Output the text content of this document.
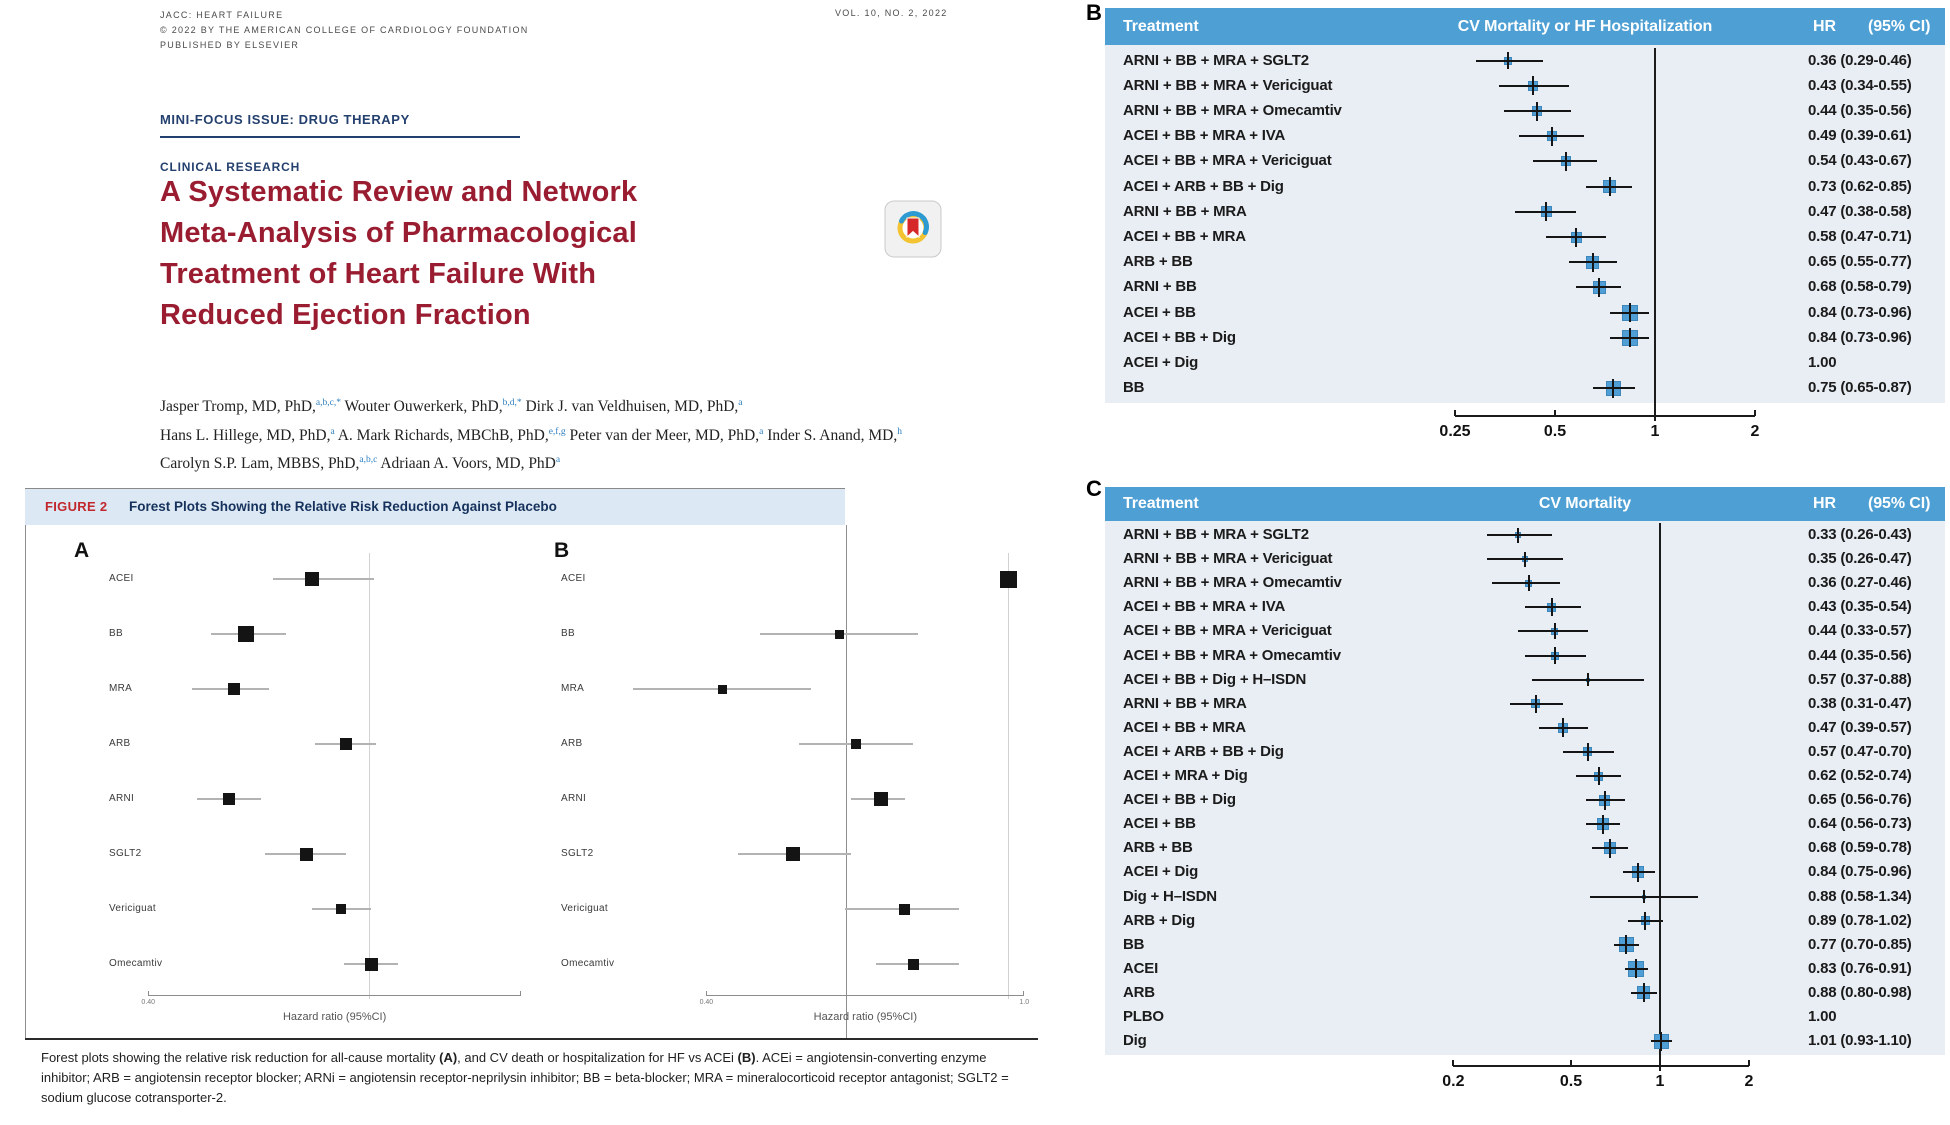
JACC: HEART FAILURE
© 2022 BY THE AMERICAN COLLEGE OF CARDIOLOGY FOUNDATION
PUBLISHED BY ELSEVIER
VOL. 10, NO. 2, 2022
MINI-FOCUS ISSUE: DRUG THERAPY
CLINICAL RESEARCH
A Systematic Review and Network
Meta-Analysis of Pharmacological
Treatment of Heart Failure With
Reduced Ejection Fraction
Jasper Tromp, MD, PhD,$^{a,b,c,*}$ Wouter Ouwerkerk, PhD,$^{b,d,*}$ Dirk J. van Veldhuisen, MD, PhD,$^a$
Hans L. Hillege, MD, PhD,$^a$ A. Mark Richards, MBChB, PhD,$^{e,f,g}$ Peter van der Meer, MD, PhD,$^a$ Inder S. Anand, MD,$^h$
Carolyn S.P. Lam, MBBS, PhD,$^{a,b,c}$ Adriaan A. Voors, MD, PhD$^a$
FIGURE 2 Forest Plots Showing the Relative Risk Reduction Against Placebo
A	B
ACEI
BB
MRA
ARB
ARNI
SGLT2
Vericiguat
Omecamtiv
0.40
Hazard ratio (95%CI)
ACEI
BB
MRA
ARB
ARNI
SGLT2
Vericiguat
Omecamtiv
0.40	1.0
Hazard ratio (95%CI)
Forest plots showing the relative risk reduction for all-cause mortality (A), and CV death or hospitalization for HF vs ACEi (B). ACEi = angiotensin-converting enzyme inhibitor; ARB = angiotensin receptor blocker; ARNi = angiotensin receptor-neprilysin inhibitor; BB = beta-blocker; MRA = mineralocorticoid receptor antagonist; SGLT2 = sodium glucose cotransporter-2.
B
Treatment	CV Mortality or HF Hospitalization	HR (95% CI)
ARNI + BB + MRA + SGLT2	0.36 (0.29-0.46)
ARNI + BB + MRA + Vericiguat	0.43 (0.34-0.55)
ARNI + BB + MRA + Omecamtiv	0.44 (0.35-0.56)
ACEI + BB + MRA + IVA	0.49 (0.39-0.61)
ACEI + BB + MRA + Vericiguat	0.54 (0.43-0.67)
ACEI + ARB + BB + Dig	0.73 (0.62-0.85)
ARNI + BB + MRA	0.47 (0.38-0.58)
ACEI + BB + MRA	0.58 (0.47-0.71)
ARB + BB	0.65 (0.55-0.77)
ARNI + BB	0.68 (0.58-0.79)
ACEI + BB	0.84 (0.73-0.96)
ACEI + BB + Dig	0.84 (0.73-0.96)
ACEI + Dig	1.00
BB	0.75 (0.65-0.87)
0.25	0.5	1	2
C
Treatment	CV Mortality	HR (95% CI)
ARNI + BB + MRA + SGLT2	0.33 (0.26-0.43)
ARNI + BB + MRA + Vericiguat	0.35 (0.26-0.47)
ARNI + BB + MRA + Omecamtiv	0.36 (0.27-0.46)
ACEI + BB + MRA + IVA	0.43 (0.35-0.54)
ACEI + BB + MRA + Vericiguat	0.44 (0.33-0.57)
ACEI + BB + MRA + Omecamtiv	0.44 (0.35-0.56)
ACEI + BB + Dig + H–ISDN	0.57 (0.37-0.88)
ARNI + BB + MRA	0.38 (0.31-0.47)
ACEI + BB + MRA	0.47 (0.39-0.57)
ACEI + ARB + BB + Dig	0.57 (0.47-0.70)
ACEI + MRA + Dig	0.62 (0.52-0.74)
ACEI + BB + Dig	0.65 (0.56-0.76)
ACEI + BB	0.64 (0.56-0.73)
ARB + BB	0.68 (0.59-0.78)
ACEI + Dig	0.84 (0.75-0.96)
Dig + H–ISDN	0.88 (0.58-1.34)
ARB + Dig	0.89 (0.78-1.02)
BB	0.77 (0.70-0.85)
ACEI	0.83 (0.76-0.91)
ARB	0.88 (0.80-0.98)
PLBO	1.00
Dig	1.01 (0.93-1.10)
0.2	0.5	1	2
